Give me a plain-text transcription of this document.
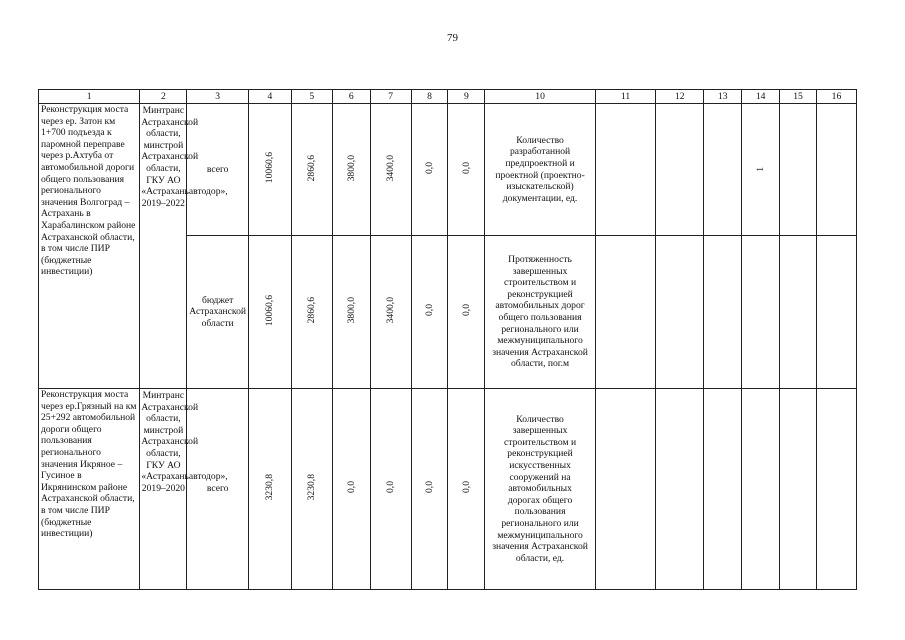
79
1	2	3	4	5	6	7	8	9	10	11	12	13	14	15	16
Реконструкция моста через ер. Затон км 1+700 подъезда к паромной переправе через р.Ахтуба от автомобильной дороги общего пользования регионального значения Волгоград – Астрахань в Харабалинском районе Астраханской области, в том числе ПИР (бюджетные инвестиции)	Минтранс Астраханской области, минстрой Астраханской области, ГКУ АО «Астраханьавтодор», 2019–2022	всего	10060,6	2860,6	3800,0	3400,0	0,0	0,0	Количество разработанной предпроектной и проектной (проектно-изыскательской) документации, ед.				1		
		бюджет Астраханской области	10060,6	2860,6	3800,0	3400,0	0,0	0,0	Протяженность завершенных строительством и реконструкцией автомобильных дорог общего пользования регионального или межмуниципального значения Астраханской области, пог.м						
Реконструкция моста через ер.Грязный на км 25+292 автомобильной дороги общего пользования регионального значения Икряное – Гусиное в Икрянинском районе Астраханской области, в том числе ПИР (бюджетные инвестиции)	Минтранс Астраханской области, минстрой Астраханской области, ГКУ АО «Астраханьавтодор», 2019–2020	всего	3230,8	3230,8	0,0	0,0	0,0	0,0	Количество завершенных строительством и реконструкцией искусственных сооружений на автомобильных дорогах общего пользования регионального или межмуниципального значения Астраханской области, ед.						
